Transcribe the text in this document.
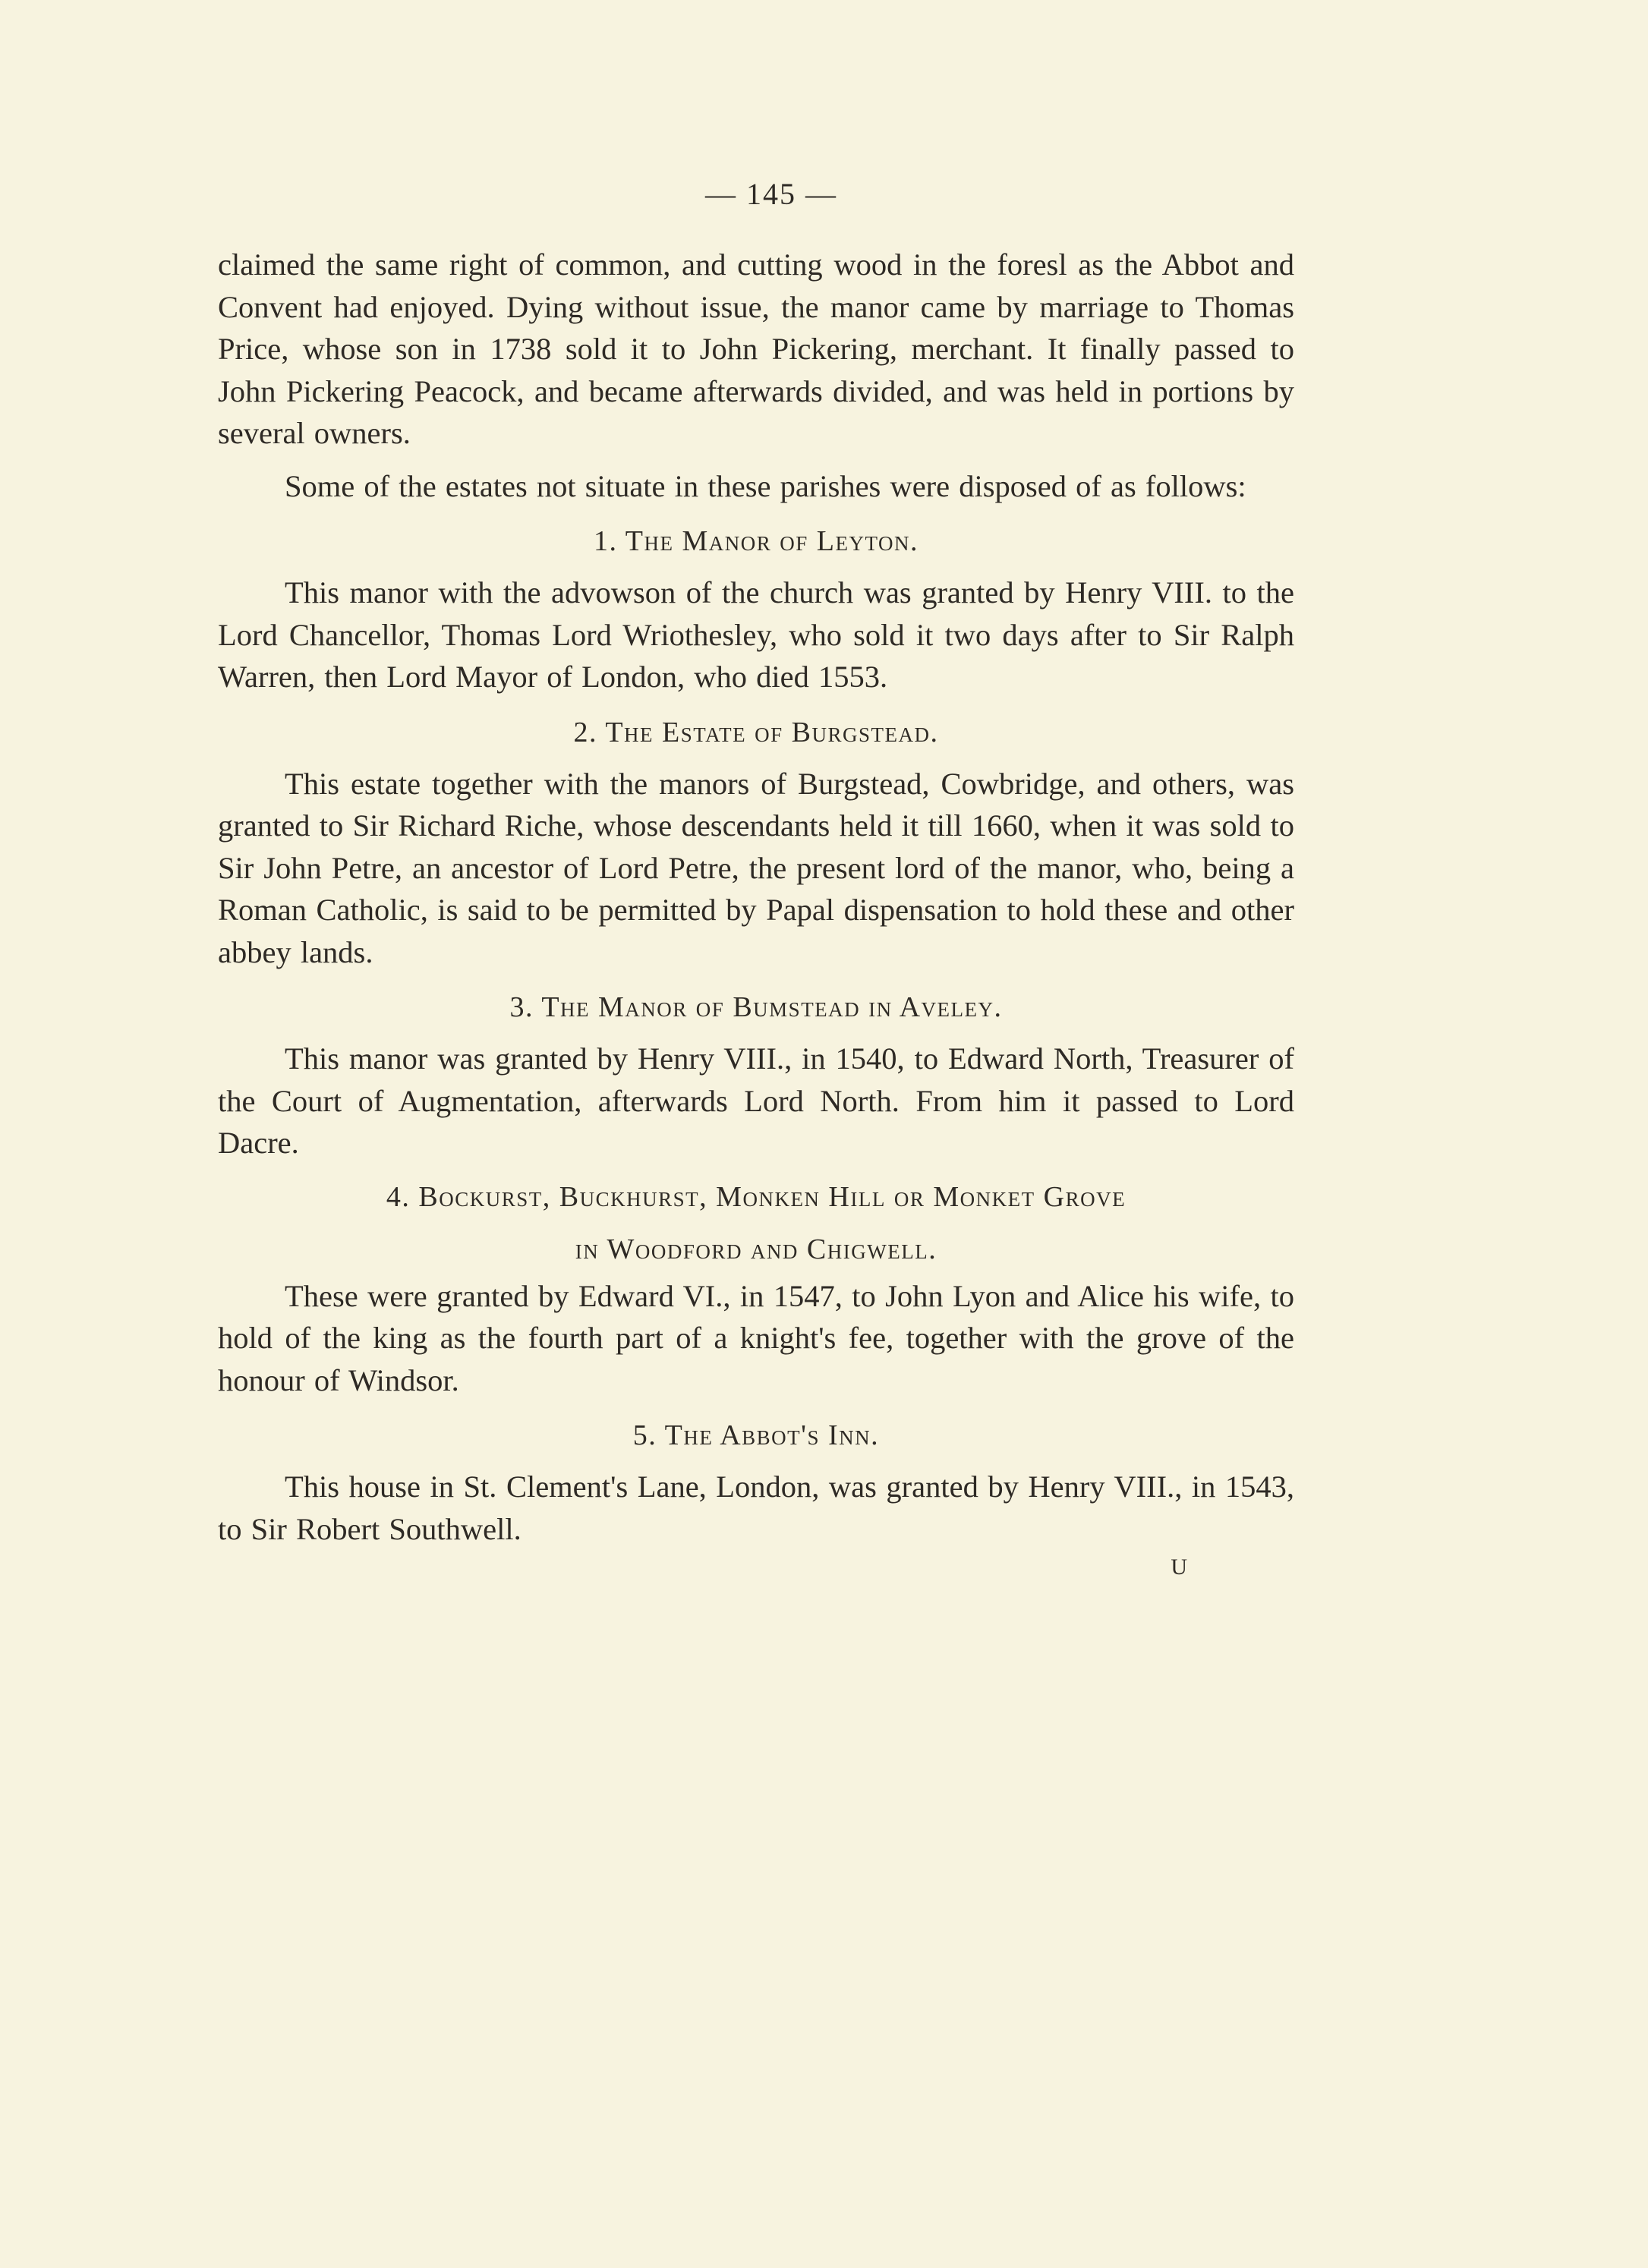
— 145 —

claimed the same right of common, and cutting wood in the foresl as the Abbot and Convent had enjoyed. Dying without issue, the manor came by marriage to Thomas Price, whose son in 1738 sold it to John Pickering, merchant. It finally passed to John Pickering Peacock, and became afterwards divided, and was held in portions by several owners.

Some of the estates not situate in these parishes were disposed of as follows:

1. The Manor of Leyton.

This manor with the advowson of the church was granted by Henry VIII. to the Lord Chancellor, Thomas Lord Wriothesley, who sold it two days after to Sir Ralph Warren, then Lord Mayor of London, who died 1553.

2. The Estate of Burgstead.

This estate together with the manors of Burgstead, Cowbridge, and others, was granted to Sir Richard Riche, whose descendants held it till 1660, when it was sold to Sir John Petre, an ancestor of Lord Petre, the present lord of the manor, who, being a Roman Catholic, is said to be permitted by Papal dispensation to hold these and other abbey lands.

3. The Manor of Bumstead in Aveley.

This manor was granted by Henry VIII., in 1540, to Edward North, Treasurer of the Court of Augmentation, afterwards Lord North. From him it passed to Lord Dacre.

4. Bockurst, Buckhurst, Monken Hill or Monket Grove
in Woodford and Chigwell.

These were granted by Edward VI., in 1547, to John Lyon and Alice his wife, to hold of the king as the fourth part of a knight's fee, together with the grove of the honour of Windsor.

5. The Abbot's Inn.

This house in St. Clement's Lane, London, was granted by Henry VIII., in 1543, to Sir Robert Southwell.

U
